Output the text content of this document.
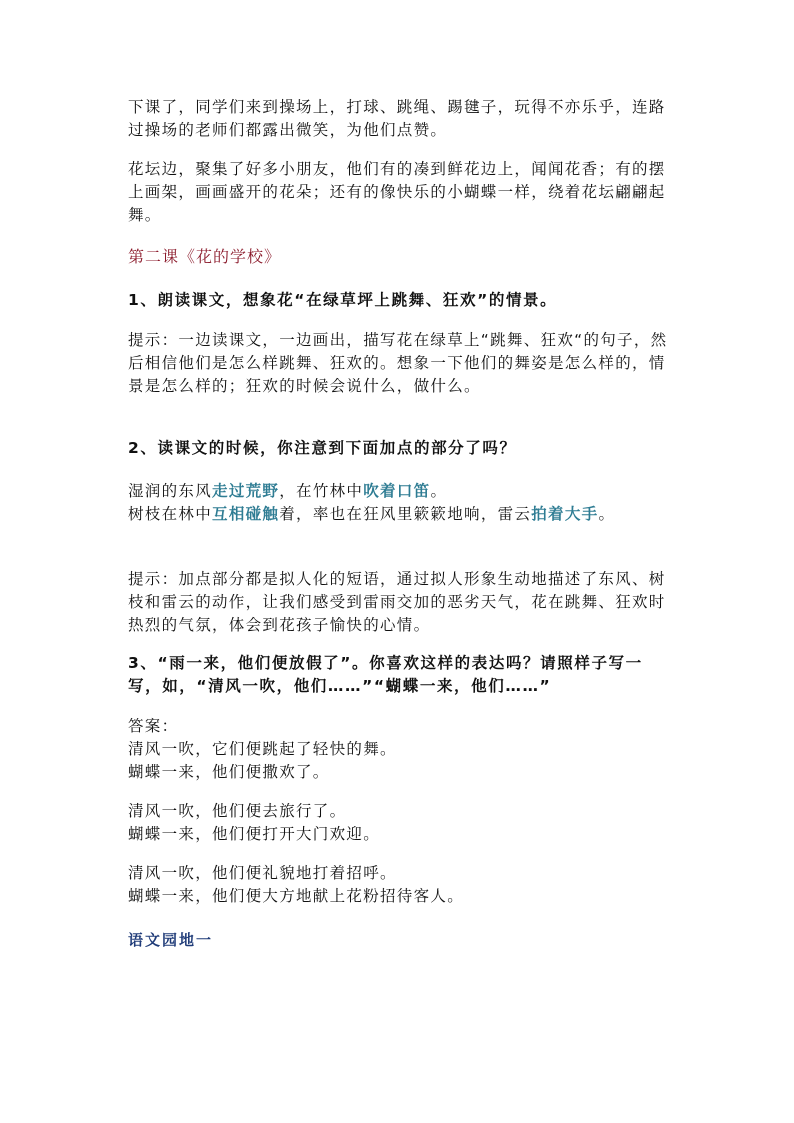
下课了，同学们来到操场上，打球、跳绳、踢毽子，玩得不亦乐乎，连路过操场的老师们都露出微笑，为他们点赞。

花坛边，聚集了好多小朋友，他们有的凑到鲜花边上，闻闻花香；有的摆上画架，画画盛开的花朵；还有的像快乐的小蝴蝶一样，绕着花坛翩翩起舞。

第二课《花的学校》

1、朗读课文，想象花“在绿草坪上跳舞、狂欢”的情景。

提示：一边读课文，一边画出，描写花在绿草上“跳舞、狂欢“的句子，然后相信他们是怎么样跳舞、狂欢的。想象一下他们的舞姿是怎么样的，情景是怎么样的；狂欢的时候会说什么，做什么。

2、读课文的时候，你注意到下面加点的部分了吗？

湿润的东风走过荒野，在竹林中吹着口笛。

树枝在林中互相碰触着，率也在狂风里簌簌地响，雷云拍着大手。

提示：加点部分都是拟人化的短语，通过拟人形象生动地描述了东风、树枝和雷云的动作，让我们感受到雷雨交加的恶劣天气，花在跳舞、狂欢时热烈的气氛，体会到花孩子愉快的心情。

3、“雨一来，他们便放假了”。你喜欢这样的表达吗？请照样子写一写，如，“清风一吹，他们……”“蝴蝶一来，他们……”

答案：

清风一吹，它们便跳起了轻快的舞。

蝴蝶一来，他们便撒欢了。

清风一吹，他们便去旅行了。

蝴蝶一来，他们便打开大门欢迎。

清风一吹，他们便礼貌地打着招呼。

蝴蝶一来，他们便大方地献上花粉招待客人。

语文园地一
